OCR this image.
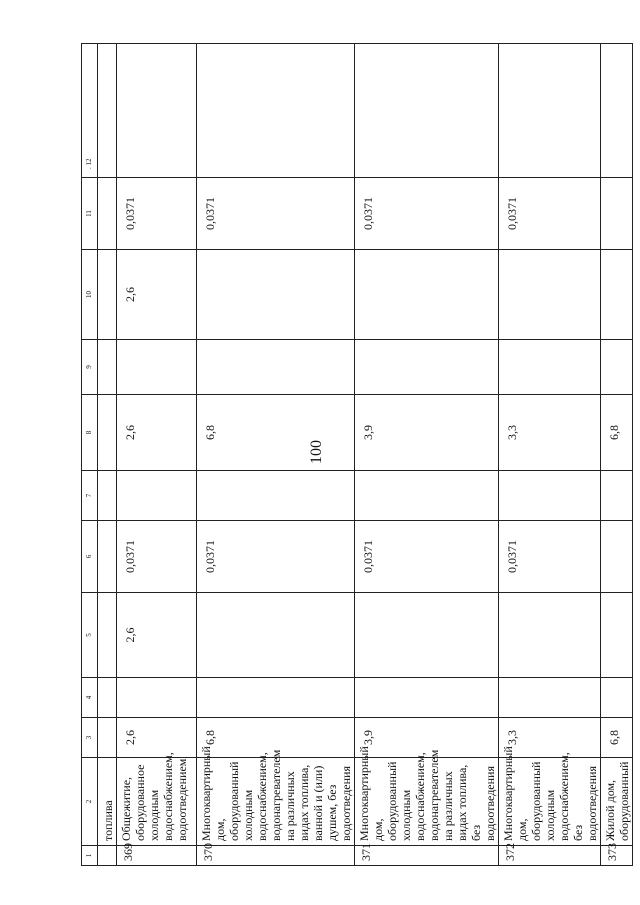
100
1	2	3	4	5	6	7	8	9	10	11	. 12
	топлива										
369	Общежитие, оборудованное холодным водоснабжением, водоотведением	2,6		2,6	0,0371		2,6		2,6	0,0371	
370	Многоквартирный дом, оборудованный холодным водоснабжением, водонагревателем на различных видах топлива, ванной и (или) душем, без водоотведения	6,8			0,0371		6,8			0,0371	
371	Многоквартирный дом, оборудованный холодным водоснабжением, водонагревателем на различных видах топлива, без водоотведения	3,9			0,0371		3,9			0,0371	
372	Многоквартирный дом, оборудованный холодным водоснабжением, без водоотведения	3,3			0,0371		3,3			0,0371	
373	Жилой дом, оборудованный	6,8					6,8				
